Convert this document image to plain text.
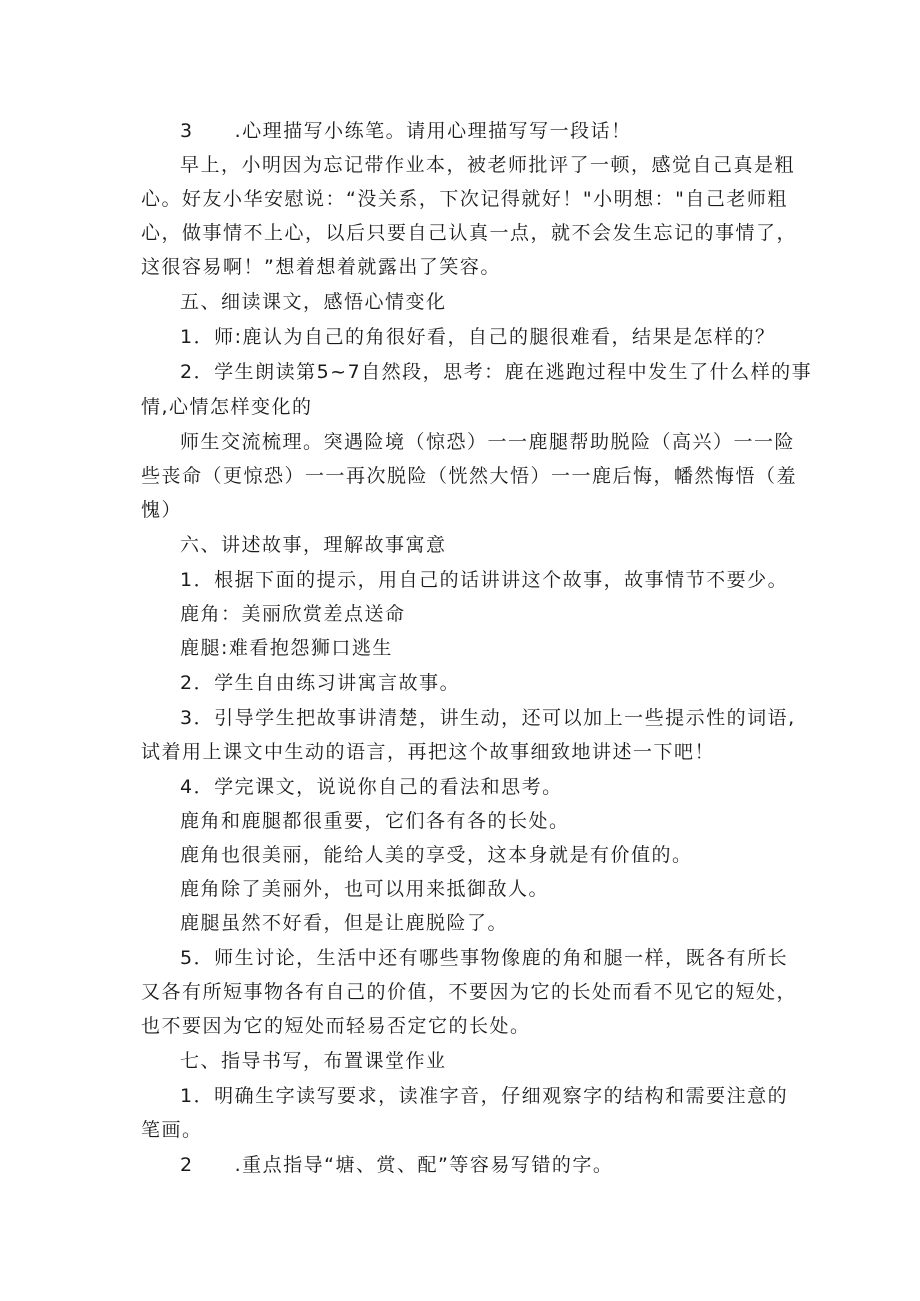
3　　.心理描写小练笔。请用心理描写写一段话！
早上，小明因为忘记带作业本，被老师批评了一顿，感觉自己真是粗
心。好友小华安慰说：“没关系，下次记得就好！"小明想："自己老师粗
心，做事情不上心，以后只要自己认真一点，就不会发生忘记的事情了，
这很容易啊！”想着想着就露出了笑容。
五、细读课文，感悟心情变化
1．师:鹿认为自己的角很好看，自己的腿很难看，结果是怎样的？
2．学生朗读第5~7自然段，思考：鹿在逃跑过程中发生了什么样的事
情,心情怎样变化的
师生交流梳理。突遇险境（惊恐）一一鹿腿帮助脱险（高兴）一一险
些丧命（更惊恐）一一再次脱险（恍然大悟）一一鹿后悔，幡然悔悟（羞
愧）
六、讲述故事，理解故事寓意
1．根据下面的提示，用自己的话讲讲这个故事，故事情节不要少。
鹿角：美丽欣赏差点送命
鹿腿:难看抱怨狮口逃生
2．学生自由练习讲寓言故事。
3．引导学生把故事讲清楚，讲生动，还可以加上一些提示性的词语,
试着用上课文中生动的语言，再把这个故事细致地讲述一下吧！
4．学完课文，说说你自己的看法和思考。
鹿角和鹿腿都很重要，它们各有各的长处。
鹿角也很美丽，能给人美的享受，这本身就是有价值的。
鹿角除了美丽外，也可以用来抵御敌人。
鹿腿虽然不好看，但是让鹿脱险了。
5．师生讨论，生活中还有哪些事物像鹿的角和腿一样，既各有所长
又各有所短事物各有自己的价值，不要因为它的长处而看不见它的短处，
也不要因为它的短处而轻易否定它的长处。
七、指导书写，布置课堂作业
1．明确生字读写要求，读准字音，仔细观察字的结构和需要注意的
笔画。
2　　.重点指导“塘、赏、配”等容易写错的字。
